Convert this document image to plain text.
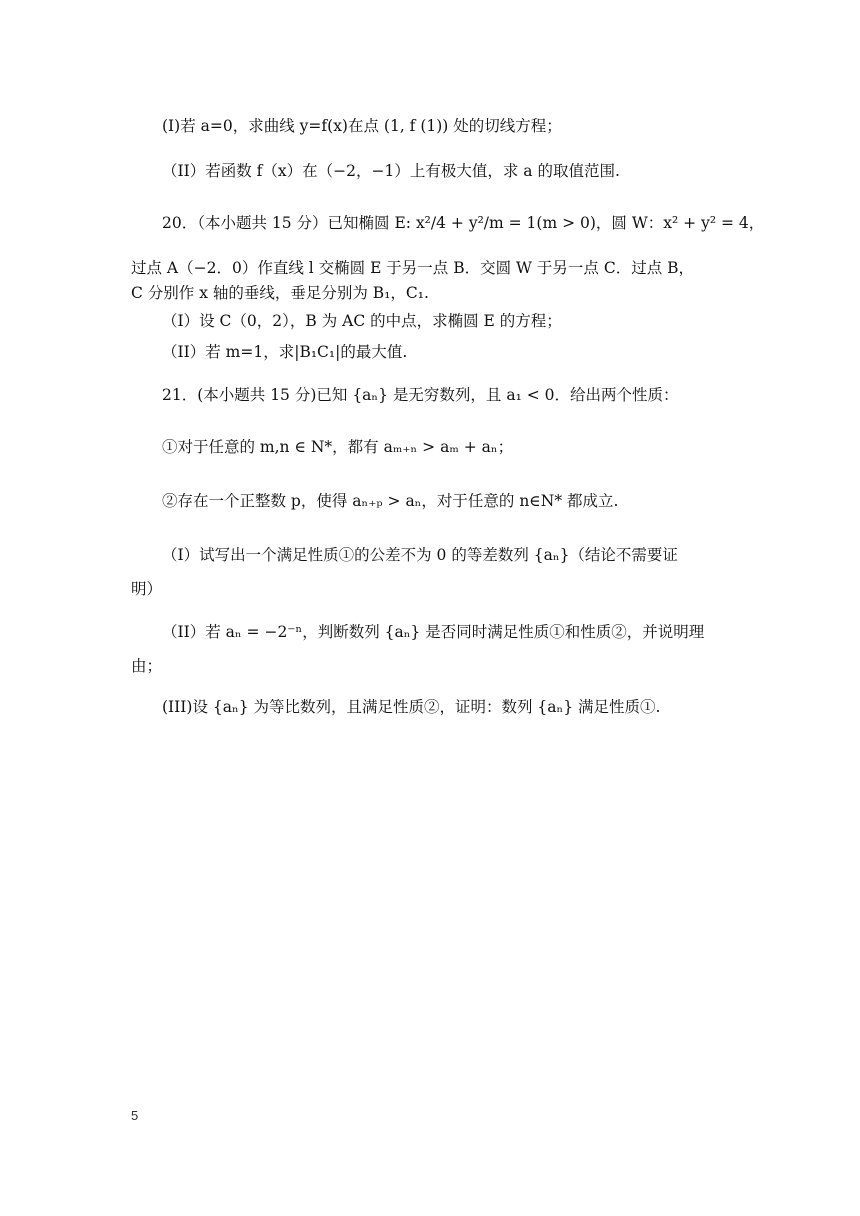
(I)若 a=0，求曲线 y=f(x)在点 (1, f (1)) 处的切线方程；
（II）若函数 f（x）在（−2，−1）上有极大值，求 a 的取值范围.
20．（本小题共 15 分）已知椭圆 E: x²/4 + y²/m = 1(m > 0)，圆 W：x² + y² = 4，
过点 A（−2．0）作直线 l 交椭圆 E 于另一点 B．交圆 W 于另一点 C．过点 B，
C 分别作 x 轴的垂线，垂足分别为 B₁，C₁.
（I）设 C（0，2），B 为 AC 的中点，求椭圆 E 的方程；
（II）若 m=1，求|B₁C₁|的最大值.
21．(本小题共 15 分)已知 {aₙ} 是无穷数列，且 a₁ < 0．给出两个性质：
①对于任意的 m,n ∈ N*，都有 aₘ₊ₙ > aₘ + aₙ；
②存在一个正整数 p，使得 aₙ₊ₚ > aₙ，对于任意的 n∈N* 都成立.
（I）试写出一个满足性质①的公差不为 0 的等差数列 {aₙ}（结论不需要证
明）
（II）若 aₙ = −2⁻ⁿ，判断数列 {aₙ} 是否同时满足性质①和性质②，并说明理
由；
(III)设 {aₙ} 为等比数列，且满足性质②，证明：数列 {aₙ} 满足性质①.
5
